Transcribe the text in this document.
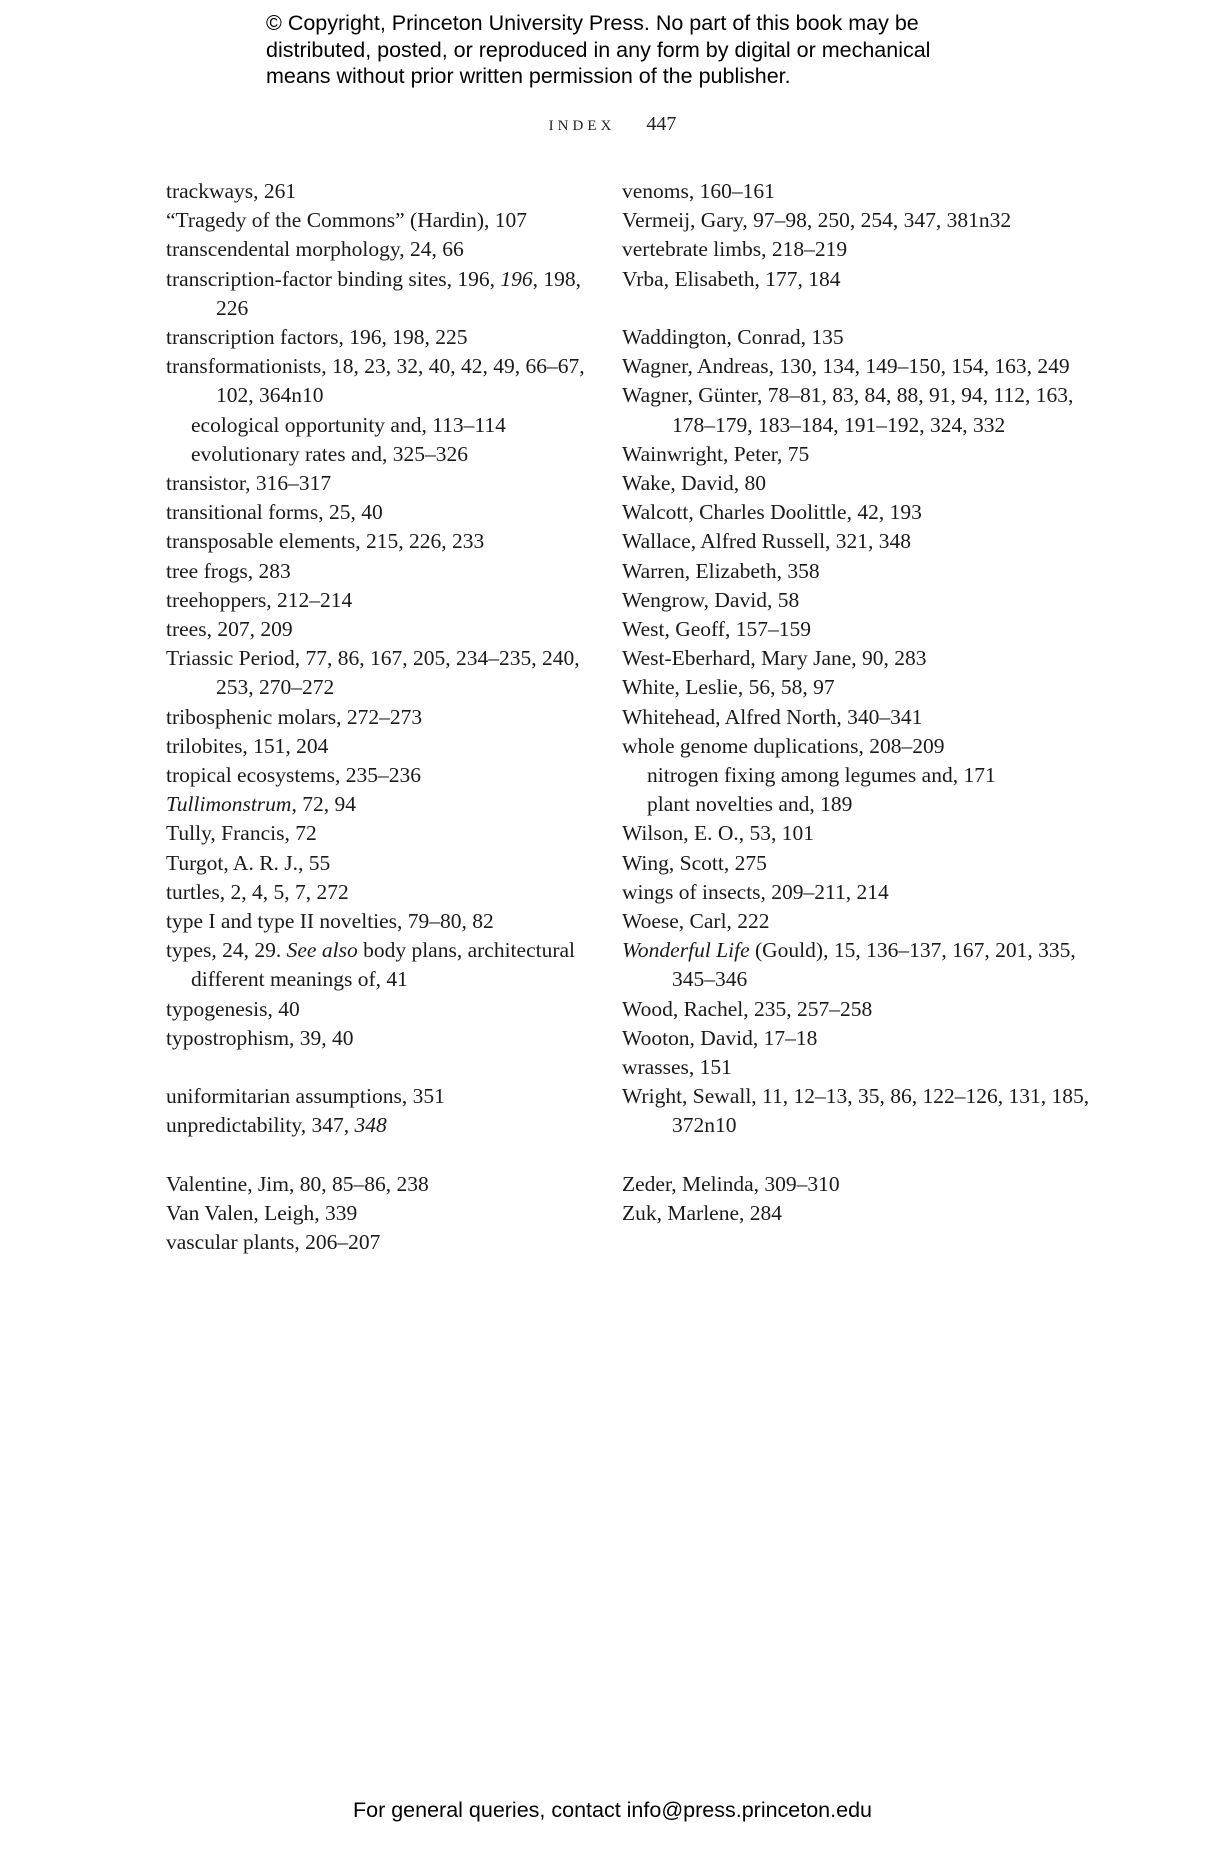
© Copyright, Princeton University Press. No part of this book may be distributed, posted, or reproduced in any form by digital or mechanical means without prior written permission of the publisher.
INDEX 447
trackways, 261
“Tragedy of the Commons” (Hardin), 107
transcendental morphology, 24, 66
transcription-factor binding sites, 196, 196, 198, 226
transcription factors, 196, 198, 225
transformationists, 18, 23, 32, 40, 42, 49, 66–67, 102, 364n10
ecological opportunity and, 113–114
evolutionary rates and, 325–326
transistor, 316–317
transitional forms, 25, 40
transposable elements, 215, 226, 233
tree frogs, 283
treehoppers, 212–214
trees, 207, 209
Triassic Period, 77, 86, 167, 205, 234–235, 240, 253, 270–272
tribosphenic molars, 272–273
trilobites, 151, 204
tropical ecosystems, 235–236
Tullimonstrum, 72, 94
Tully, Francis, 72
Turgot, A. R. J., 55
turtles, 2, 4, 5, 7, 272
type I and type II novelties, 79–80, 82
types, 24, 29. See also body plans, architectural
different meanings of, 41
typogenesis, 40
typostrophism, 39, 40
uniformitarian assumptions, 351
unpredictability, 347, 348
Valentine, Jim, 80, 85–86, 238
Van Valen, Leigh, 339
vascular plants, 206–207
venoms, 160–161
Vermeij, Gary, 97–98, 250, 254, 347, 381n32
vertebrate limbs, 218–219
Vrba, Elisabeth, 177, 184
Waddington, Conrad, 135
Wagner, Andreas, 130, 134, 149–150, 154, 163, 249
Wagner, Günter, 78–81, 83, 84, 88, 91, 94, 112, 163, 178–179, 183–184, 191–192, 324, 332
Wainwright, Peter, 75
Wake, David, 80
Walcott, Charles Doolittle, 42, 193
Wallace, Alfred Russell, 321, 348
Warren, Elizabeth, 358
Wengrow, David, 58
West, Geoff, 157–159
West-Eberhard, Mary Jane, 90, 283
White, Leslie, 56, 58, 97
Whitehead, Alfred North, 340–341
whole genome duplications, 208–209
nitrogen fixing among legumes and, 171
plant novelties and, 189
Wilson, E. O., 53, 101
Wing, Scott, 275
wings of insects, 209–211, 214
Woese, Carl, 222
Wonderful Life (Gould), 15, 136–137, 167, 201, 335, 345–346
Wood, Rachel, 235, 257–258
Wooton, David, 17–18
wrasses, 151
Wright, Sewall, 11, 12–13, 35, 86, 122–126, 131, 185, 372n10
Zeder, Melinda, 309–310
Zuk, Marlene, 284
For general queries, contact info@press.princeton.edu
